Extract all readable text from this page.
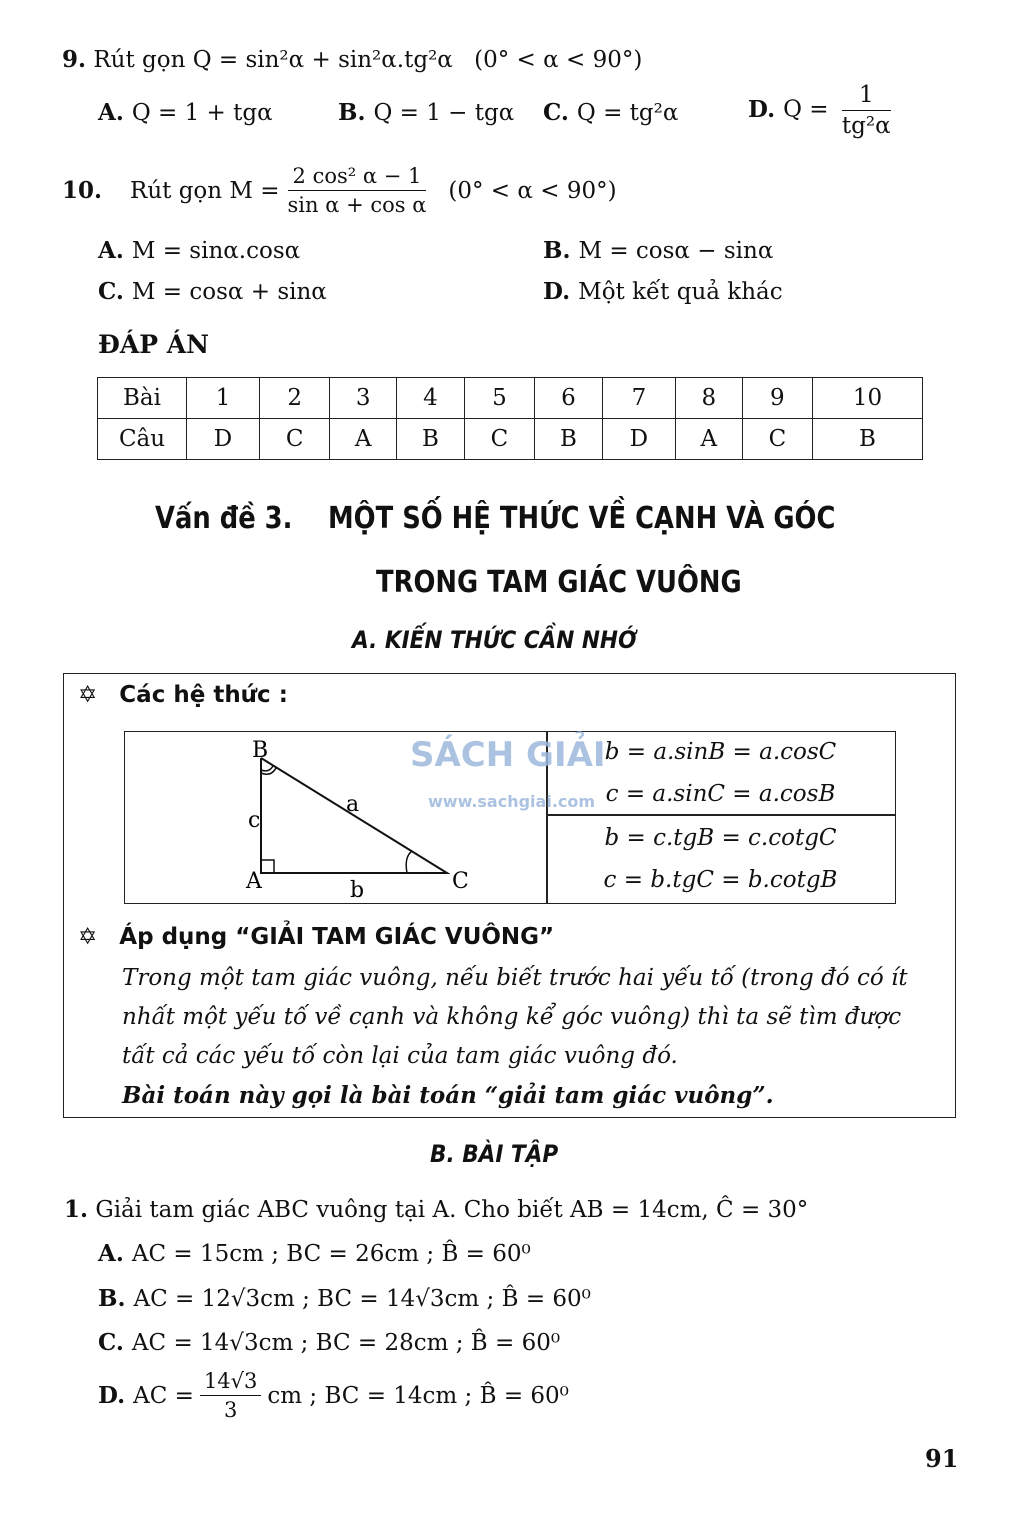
9. Rút gọn Q = sin²α + sin²α.tg²α (0° < α < 90°)
A. Q = 1 + tgα	B. Q = 1 − tgα C. Q = tg²α	D. $Q = \frac{1}{\text{tg²α}}$
10. Rút gọn $M = \frac{\text{2 cos² α − 1}}{\text{sin α + cos α}} (0^\circ < \alpha < 90^\circ)$
A. M = sinα.cosα	B. M = cosα − sinα
C. M = cosα + sinα	D. Một kết quả khác
ĐÁP ÁN
Bài	1	2	3	4	5	6	7	8	9	10
Câu	D	C	A	B	C	B	D	A	C	B
Vấn đề 3. MỘT SỐ HỆ THỨC VỀ CẠNH VÀ GÓC
TRONG TAM GIÁC VUÔNG
A. KIẾN THỨC CẦN NHỚ
✡ Các hệ thức :
B
A	C
a
b
c
SÁCH GIẢI
www.sachgiai.com
b = a.sinB = a.cosC
c = a.sinC = a.cosB
b = c.tgB = c.cotgC
c = b.tgC = b.cotgB
✡ Áp dụng “GIẢI TAM GIÁC VUÔNG”
Trong một tam giác vuông, nếu biết trước hai yếu tố (trong đó có ít
nhất một yếu tố về cạnh và không kể góc vuông) thì ta sẽ tìm được
tất cả các yếu tố còn lại của tam giác vuông đó.
Bài toán này gọi là bài toán “giải tam giác vuông”.
B. BÀI TẬP
1. Giải tam giác ABC vuông tại A. Cho biết AB = 14cm, Ĉ = 30°
A. AC = 15cm ; BC = 26cm ; B̂ = 60⁰
B. AC = 12√3cm ; BC = 14√3cm ; B̂ = 60⁰
C. AC = 14√3cm ; BC = 28cm ; B̂ = 60⁰
D. AC = $\frac{14√3}{3}$ cm ; BC = 14cm ; B̂ = 60⁰
91
